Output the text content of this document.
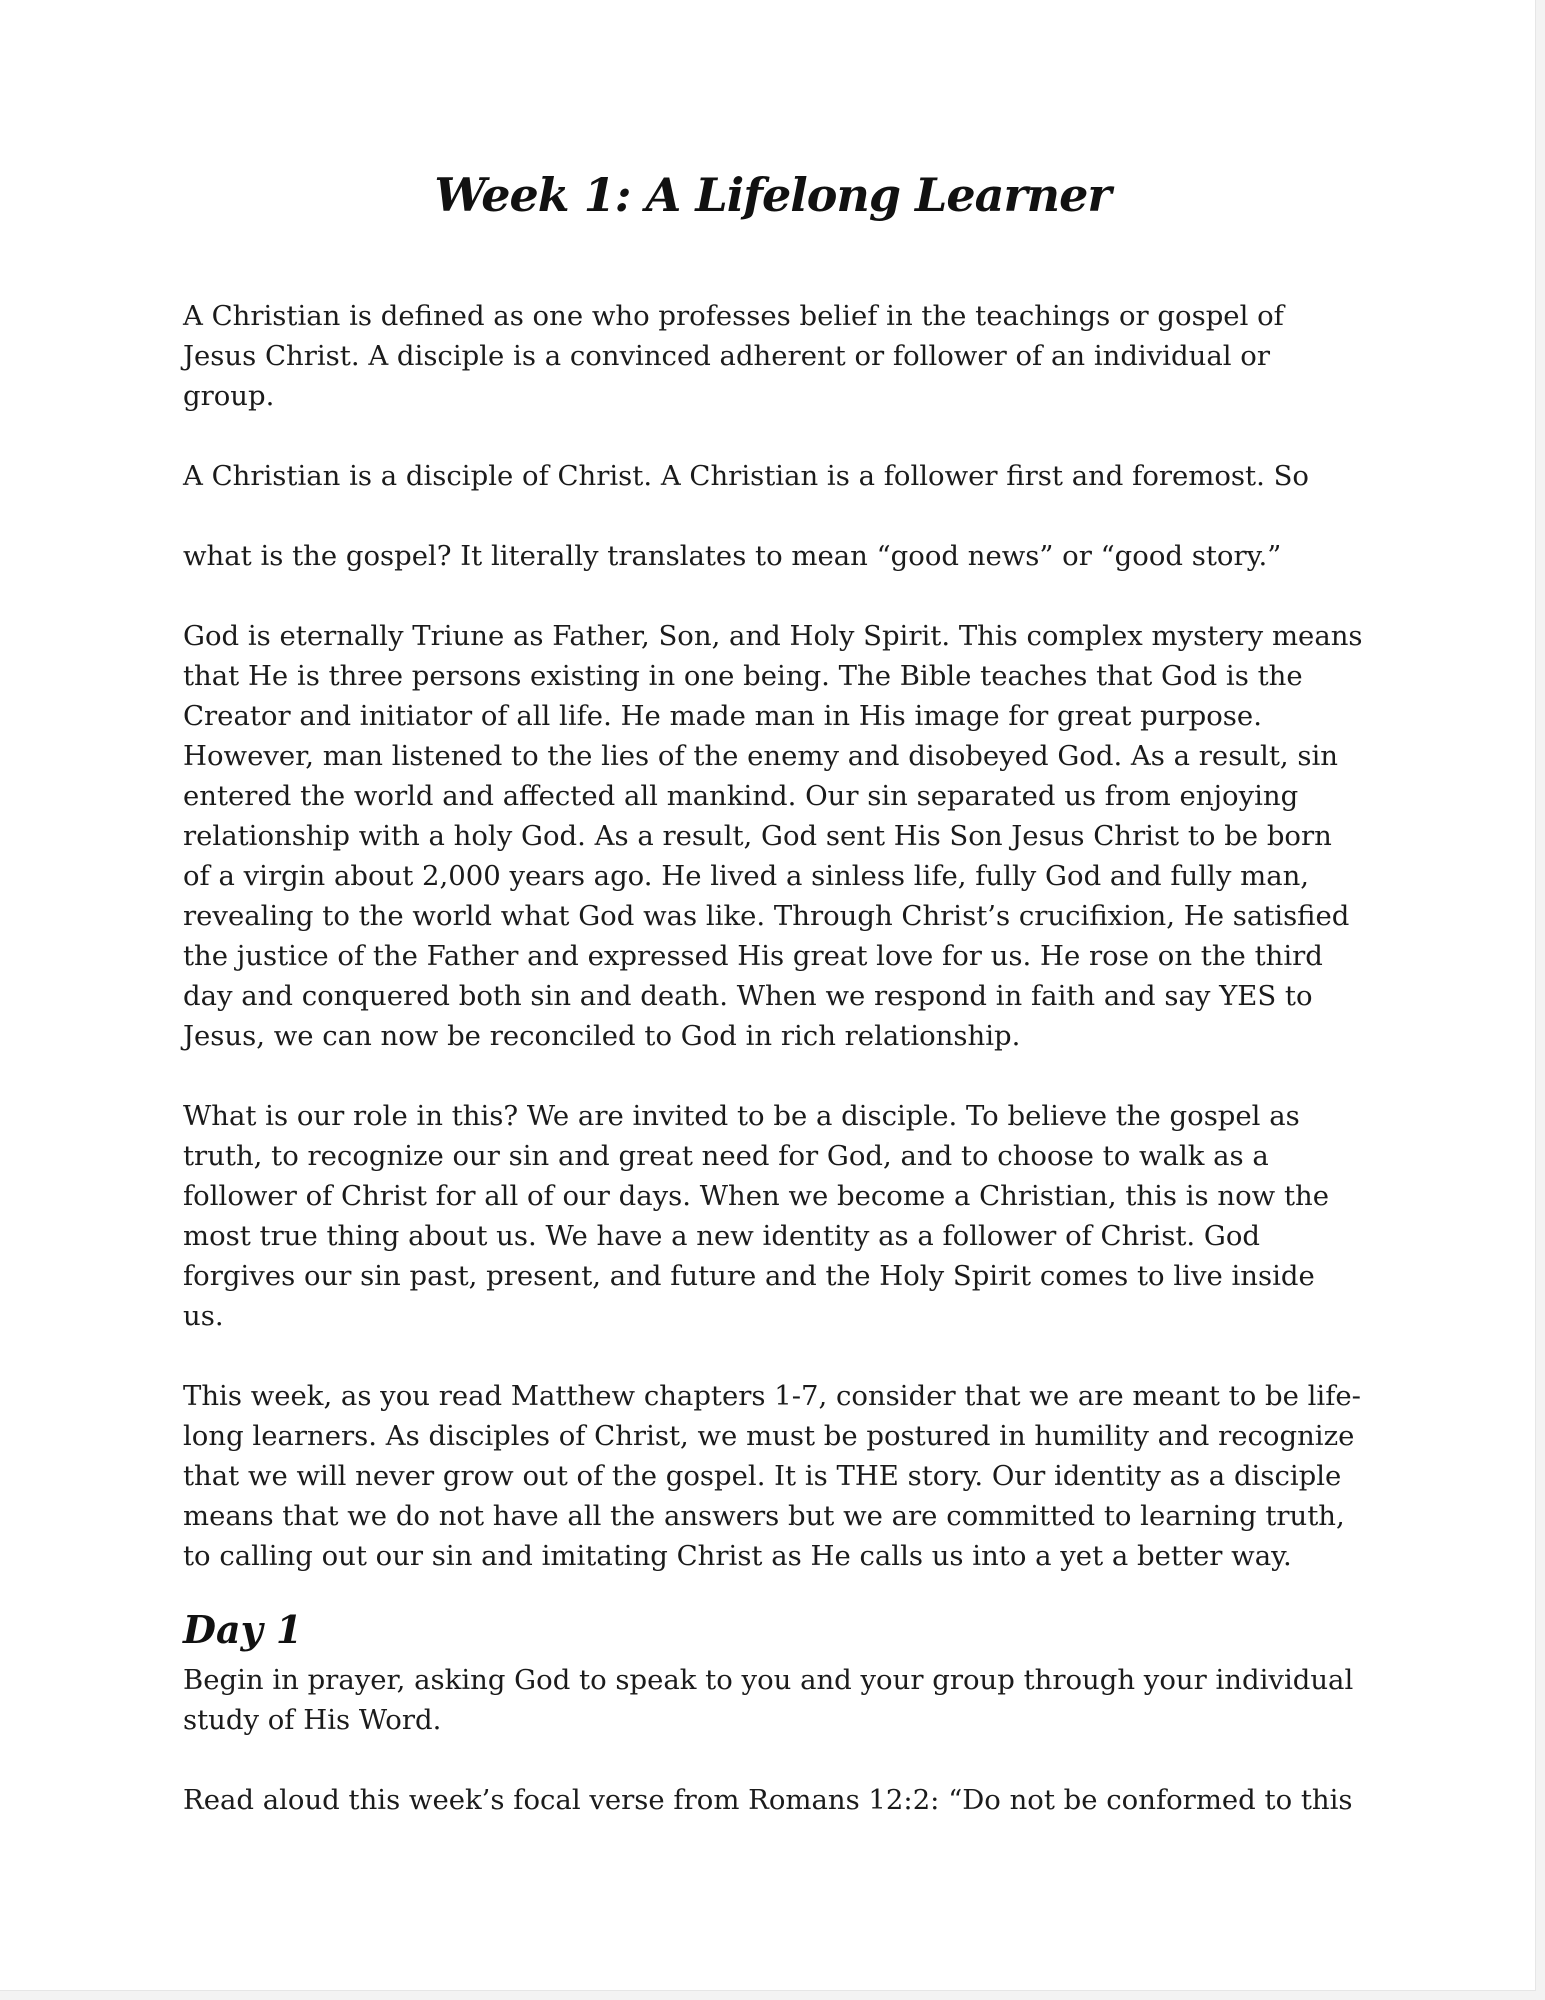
Week 1: A Lifelong Learner

A Christian is defined as one who professes belief in the teachings or gospel of Jesus Christ. A disciple is a convinced adherent or follower of an individual or group.

A Christian is a disciple of Christ. A Christian is a follower first and foremost. So

what is the gospel? It literally translates to mean “good news” or “good story.”

God is eternally Triune as Father, Son, and Holy Spirit. This complex mystery means that He is three persons existing in one being. The Bible teaches that God is the Creator and initiator of all life. He made man in His image for great purpose. However, man listened to the lies of the enemy and disobeyed God. As a result, sin entered the world and affected all mankind. Our sin separated us from enjoying relationship with a holy God. As a result, God sent His Son Jesus Christ to be born of a virgin about 2,000 years ago. He lived a sinless life, fully God and fully man, revealing to the world what God was like. Through Christ’s crucifixion, He satisfied the justice of the Father and expressed His great love for us. He rose on the third day and conquered both sin and death. When we respond in faith and say YES to Jesus, we can now be reconciled to God in rich relationship.

What is our role in this? We are invited to be a disciple. To believe the gospel as truth, to recognize our sin and great need for God, and to choose to walk as a follower of Christ for all of our days. When we become a Christian, this is now the most true thing about us. We have a new identity as a follower of Christ. God forgives our sin past, present, and future and the Holy Spirit comes to live inside us.

This week, as you read Matthew chapters 1-7, consider that we are meant to be life-long learners. As disciples of Christ, we must be postured in humility and recognize that we will never grow out of the gospel. It is THE story. Our identity as a disciple means that we do not have all the answers but we are committed to learning truth, to calling out our sin and imitating Christ as He calls us into a yet a better way.

Day 1

Begin in prayer, asking God to speak to you and your group through your individual study of His Word.

Read aloud this week’s focal verse from Romans 12:2: “Do not be conformed to this
